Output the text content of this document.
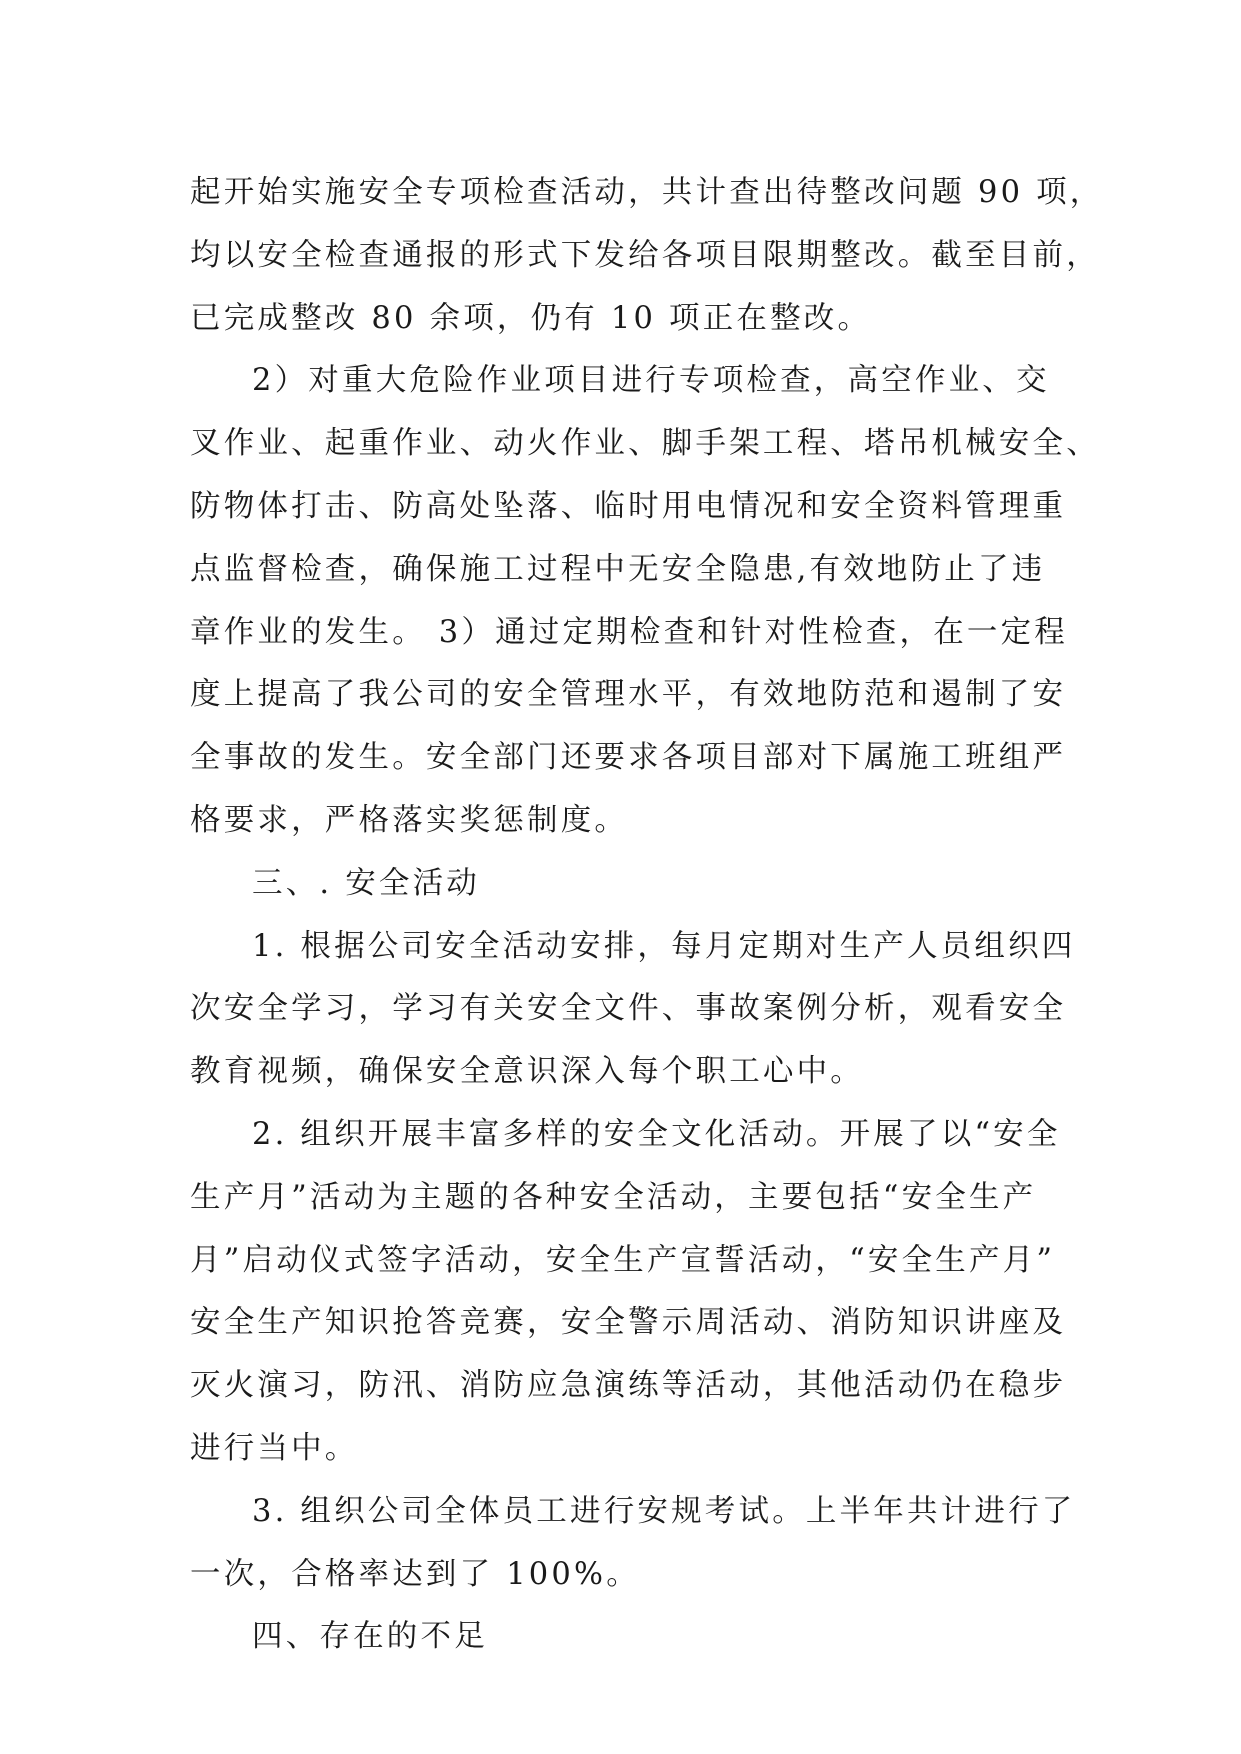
起开始实施安全专项检查活动，共计查出待整改问题 90 项，
均以安全检查通报的形式下发给各项目限期整改。截至目前，
已完成整改 80 余项，仍有 10 项正在整改。
2）对重大危险作业项目进行专项检查，高空作业、交
叉作业、起重作业、动火作业、脚手架工程、塔吊机械安全、
防物体打击、防高处坠落、临时用电情况和安全资料管理重
点监督检查，确保施工过程中无安全隐患,有效地防止了违
章作业的发生。 3）通过定期检查和针对性检查，在一定程
度上提高了我公司的安全管理水平，有效地防范和遏制了安
全事故的发生。安全部门还要求各项目部对下属施工班组严
格要求，严格落实奖惩制度。
三、. 安全活动
1. 根据公司安全活动安排，每月定期对生产人员组织四
次安全学习，学习有关安全文件、事故案例分析，观看安全
教育视频，确保安全意识深入每个职工心中。
2. 组织开展丰富多样的安全文化活动。开展了以“安全
生产月”活动为主题的各种安全活动，主要包括“安全生产
月”启动仪式签字活动，安全生产宣誓活动，“安全生产月”
安全生产知识抢答竞赛，安全警示周活动、消防知识讲座及
灭火演习，防汛、消防应急演练等活动，其他活动仍在稳步
进行当中。
3. 组织公司全体员工进行安规考试。上半年共计进行了
一次，合格率达到了 100%。
四、存在的不足
